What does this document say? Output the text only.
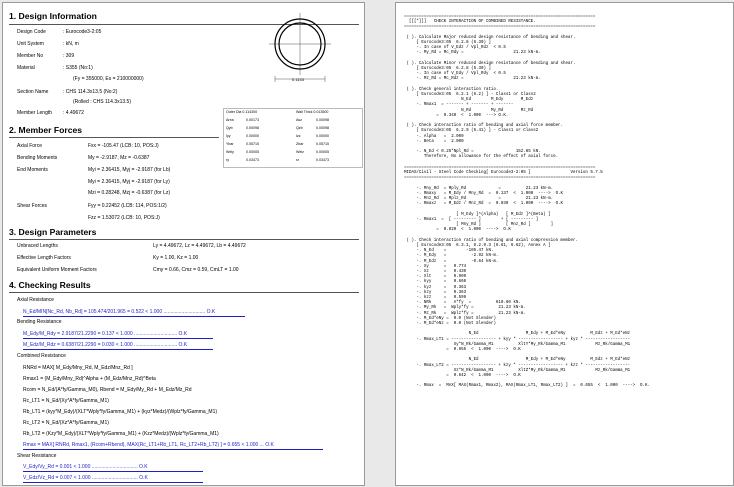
1. Design Information
Design Code	: Eurocode3-2:05
Unit System	: kN, m
Member No	: 309
Material	: S355 (No:1)
(Fy = 355000, Es = 210000000)
Section Name	: CHS 114.3x13.5 (No:2)
(Rolled : CHS 114.3x13.5)
Member Length : 4.49672
0.1143
2. Member Forces
Axial Force	Fxx = -105.47 (LCB: 10, POS:J)
Bending Moments	My = -2.9187, Mz = -0.6387
End Moments	Myi = 2.36415, Myj = -2.9187 (for Lb)
Myi = 2.36415, Myj = -2.9187 (for Ly)
Mzi = 0.28248, Mzj = -0.6387 (for Lz)
Shear Forces	Fyy = 0.22452 (LCB: 114, POS:1/2)
Fzz = 1.53072 (LCB: 10, POS:J)
Outer Dia 0.114300	Wall Thick 0.013500
Area	0.00173	Asz	0.00098
Qyb	0.00098	Qzb	0.00098
Iyy	0.00000	Izz	0.00000
Ybar	0.05715	Zbar	0.05715
Wely	0.00005	Welz	0.00005
ry	0.03473	rz	0.03473
3. Design Parameters
Unbraced Lengths	Ly = 4.49672, Lz = 4.49672, Lb = 4.49672
Effective Length Factors	Ky = 1.00, Kz = 1.00
Equivalent Uniform Moment Factors	Cmy = 0.66, Cmz = 0.59, CmLT = 1.00
4. Checking Results
Axial Resistance
N_Ed/MIN[Nc_Rd, Nb_Rd] = 105.474/201.965 = 0.522 < 1.000 .............................. O.K
Bending Resistance
M_Edy/M_Rdy = 2.9187/21.2290 = 0.137 < 1.000 ............................... O.K
M_Edz/M_Rdz = 0.6387/21.2290 = 0.030 < 1.000 ............................... O.K
Combined Resistance
RNRd = MAX[ M_Edy/Mny_Rd, M_Edz/Mnz_Rd ]
Rmax1 = (M_Edy/Mny_Rd)^Alpha + (M_Edz/Mnz_Rd)^Beta
Rcom = N_Ed/(A*fy/Gamma_M0), Rbend = M_Edy/My_Rd + M_Edz/Mz_Rd
Rc_LT1 = N_Ed/(Xy*A*fy/Gamma_M1)
Rb_LT1 = (kyy*M_Edy)/(XLT*Wply*fy/Gamma_M1) + (kyz*Medz)/(Wplz*fy/Gamma_M1)
Rc_LT2 = N_Ed/(Xz*A*fy/Gamma_M1)
Rb_LT2 = (Kzy*M_Edy)/(XLT*Wply*fy/Gamma_M1) + (Kzz*Medz)/(Wplz*fy/Gamma_M1)
Rmax = MAX[ RNRd, Rmax1, (Rcom+Rbend), MAX(Rc_LT1+Rb_LT1, Rc_LT2+Rb_LT2) ] = 0.655 < 1.000 ... O.K
Shear Resistance
V_Edy/Vy_Rd = 0.001 < 1.000 ................................. O.K
V_Edz/Vz_Rd = 0.007 < 1.000 ................................. O.K
=============================================================================
[[[*]]]   CHECK INTERACTION OF COMBINED RESISTANCE.
=============================================================================

( ). Calculate Major reduced design resistance of bending and shear.
[ Eurocode3:05  6.2.8 (6.30) ]
-. In case of V_Edz / Vpl_Rdz  < 0.5
-. My_Rd = Mc_Rdy =                    21.23 kN-m.

( ). Calculate Minor reduced design resistance of bending and shear.
[ Eurocode3:05  6.2.8 (6.30) ]
-. In case of V_Edy / Vpl_Rdy  < 0.5
-. Mz_Rd = Mc_Rdz =                    21.23 kN-m.

( ). Check general interaction ratio.
[ Eurocode3:05  6.2.1 (6.2) ] - Class1 or Class2
N_Ed        M_Edy       M_Edz
-. Rmax1  = ------- + ------- + -------
N_Rd        My_Rd       Mz_Rd
=  0.340  <  1.000  ---> O.K.

( ). Check interaction ratio of bending and axial force member.
[ Eurocode3:05  6.2.9 (6.41) ] - Class1 or Class2
-. Alpha   =  2.000
-. Beta    =  2.000

-. N_Ed < 0.25*Npl_Rd =                 152.85 kN.
Therefore, No allowance for the effect of axial force.

=============================================================================
MIDAS/Civil - Steel Code Checking[ Eurocode3-2:05 ]                Version 5.7.5
=============================================================================

-. Mny_Rd  = Mply_Rd             =          21.23 kN-m.
-. Rmaxy   = M_Edy / Mny_Rd  =  0.137  <  1.000  ---->  O.K
-. Mnz_Rd  = Mplz_Rd             =          21.23 kN-m.
-. Rmaxz   = M_Edz / Mnz_Rd  =  0.030  <  1.000  ---->  O.K

[ M_Edy ]^(Alpha)   [ M_Edz ]^(Beta) ]
-. Rmax1  =  [ --------- ]        + [ --------- ]
[ Mny_Rd ]          [ Mnz_Rd ]        ]
=  0.020  <  1.000  ---->  O.K

( ). Check interaction ratio of bending and axial compression member.
[ Eurocode3:05  6.3.1, 6.2.9.3 (6.61, 6.62), Annex A ]
-. N_Ed    =        -105.47 kN.
-. M_Edy   =          -2.92 kN-m.
-. M_Edz   =          -0.64 kN-m.
-. Xy      =   0.774
-. Xz      =   0.430
-. Xlt     =   0.909
-. kyy     =   0.660
-. kyz     =   0.363
-. kzy     =   0.363
-. kzz     =   0.599
-. NRk     =   A*fy  =          610.60 kN.
-. My_Rk   =  Wply*fy =          21.23 kN-m.
-. Mz_Rk   =  Wplz*fy =          21.23 kN-m.
-. M_Ed*eNy =  0.0 (Not Slender)
-. M_Ed*eNz =  0.0 (Not Slender)

N_Ed                   M_Edy + M_Ed*eNy          M_Edz + M_Ed*eNz
-. Rmax_LT1 = ------------------ + kyy * ------------------ + kyz * ------------------
Xy*N_Rk/Gamma_M1          XltY*My_Rk/Gamma_M1            Mz_Rk/Gamma_M1
=  0.655  <  1.000  ---->  O.K

N_Ed                   M_Edy + M_Ed*eNy          M_Edz + M_Ed*eNz
-. Rmax_LT2 = ------------------ + kzy * ------------------ + kzz * ------------------
Xz*N_Rk/Gamma_M1          XltZ*My_Rk/Gamma_M1            Mz_Rk/Gamma_M1
=  0.642  <  1.000  ---->  O.K

-. Rmax  =  MAX[ MAX(Rmax1, Rmax2), MAX(Rmax_LT1, Rmax_LT2) ]  =  0.655  <  1.000  ---->  O.K.
